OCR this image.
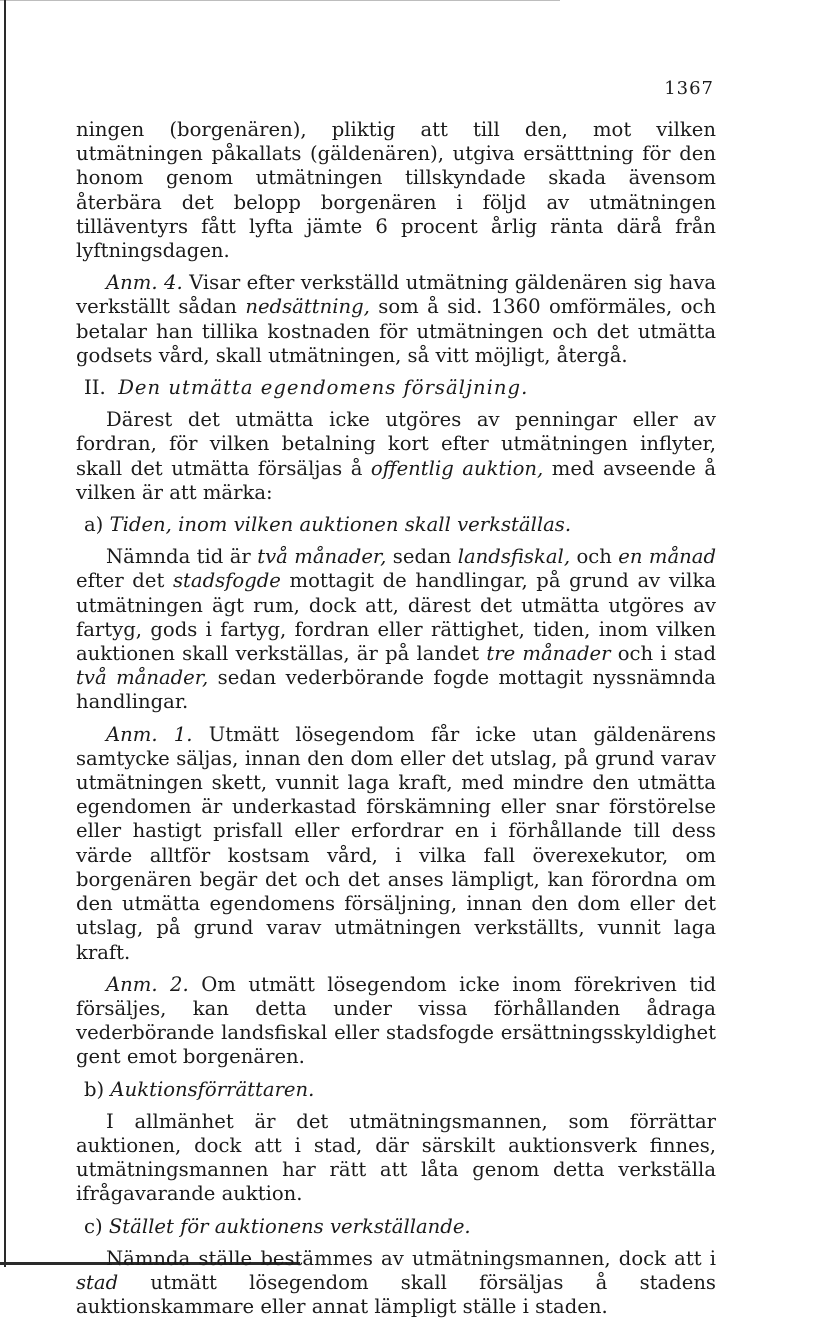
1367

ningen (borgenären), pliktig att till den, mot vilken utmätningen påkallats (gäldenären), utgiva ersätttning för den honom genom utmätningen tillskyndade skada ävensom återbära det belopp borgenären i följd av utmätningen tilläventyrs fått lyfta jämte 6 procent årlig ränta därå från lyftningsdagen.

Anm. 4. Visar efter verkställd utmätning gäldenären sig hava verkställt sådan nedsättning, som å sid. 1360 omförmäles, och betalar han tillika kostnaden för utmätningen och det utmätta godsets vård, skall utmätningen, så vitt möjligt, återgå.

II. Den utmätta egendomens försäljning.

Därest det utmätta icke utgöres av penningar eller av fordran, för vilken betalning kort efter utmätningen inflyter, skall det utmätta försäljas å offentlig auktion, med avseende å vilken är att märka:

a) Tiden, inom vilken auktionen skall verkställas.

Nämnda tid är två månader, sedan landsfiskal, och en månad efter det stadsfogde mottagit de handlingar, på grund av vilka utmätningen ägt rum, dock att, därest det utmätta utgöres av fartyg, gods i fartyg, fordran eller rättighet, tiden, inom vilken auktionen skall verkställas, är på landet tre månader och i stad två månader, sedan vederbörande fogde mottagit nyssnämnda handlingar.

Anm. 1. Utmätt lösegendom får icke utan gäldenärens samtycke säljas, innan den dom eller det utslag, på grund varav utmätningen skett, vunnit laga kraft, med mindre den utmätta egendomen är underkastad förskämning eller snar förstörelse eller hastigt prisfall eller erfordrar en i förhållande till dess värde alltför kostsam vård, i vilka fall överexekutor, om borgenären begär det och det anses lämpligt, kan förordna om den utmätta egendomens försäljning, innan den dom eller det utslag, på grund varav utmätningen verkställts, vunnit laga kraft.

Anm. 2. Om utmätt lösegendom icke inom förekriven tid försäljes, kan detta under vissa förhållanden ådraga vederbörande landsfiskal eller stadsfogde ersättningsskyldighet gent emot borgenären.

b) Auktionsförrättaren.

I allmänhet är det utmätningsmannen, som förrättar auktionen, dock att i stad, där särskilt auktionsverk finnes, utmätningsmannen har rätt att låta genom detta verkställa ifrågavarande auktion.

c) Stället för auktionens verkställande.

Nämnda ställe bestämmes av utmätningsmannen, dock att i stad utmätt lösegendom skall försäljas å stadens auktionskammare eller annat lämpligt ställe i staden.
